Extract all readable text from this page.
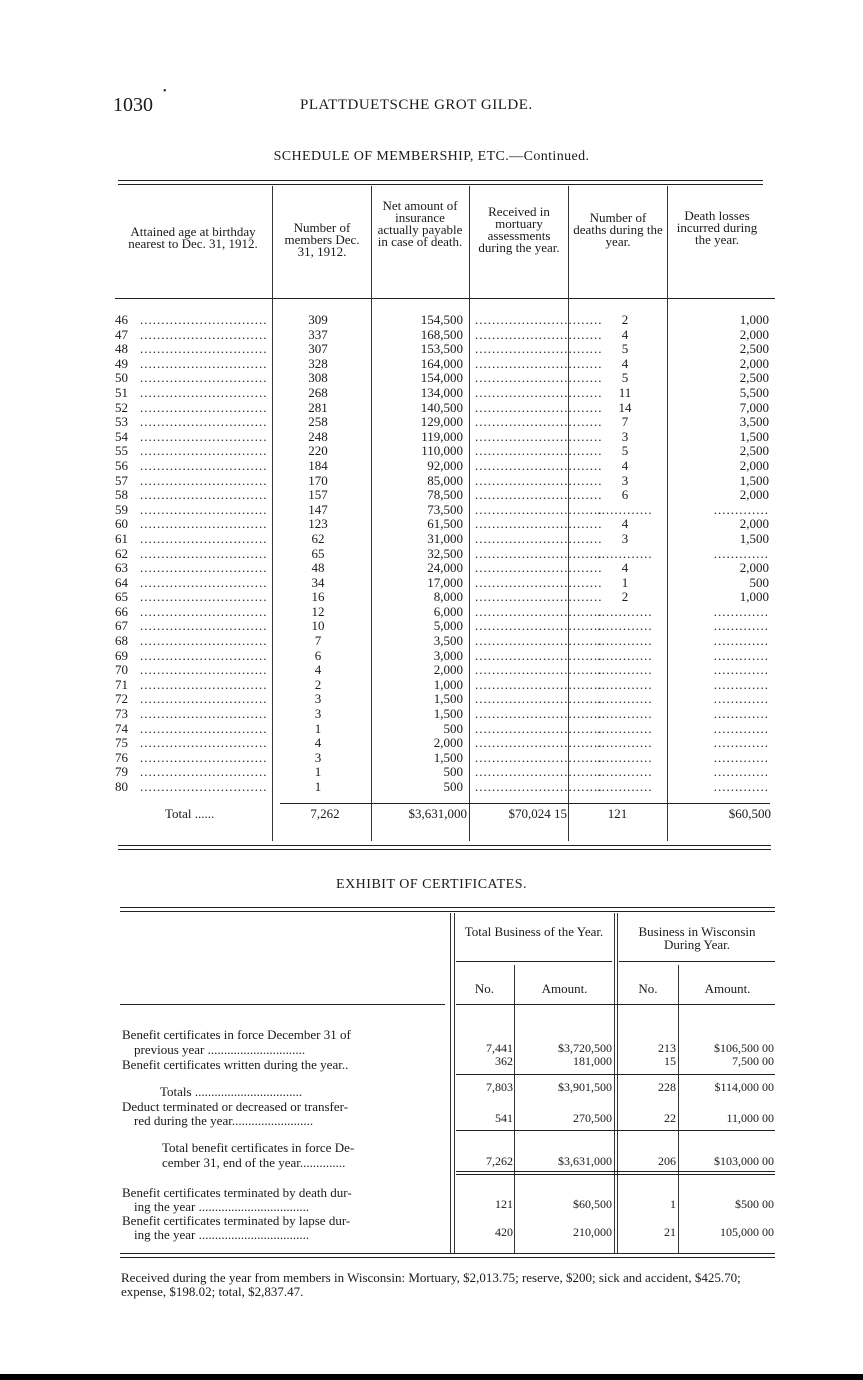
1030
•
PLATTDUETSCHE GROT GILDE.
SCHEDULE OF MEMBERSHIP, ETC.—Continued.
Attained age at birthday nearest to Dec. 31, 1912.
Number of members Dec. 31, 1912.
Net amount of insurance actually payable in case of death.
Received in mortuary assessments during the year.
Number of deaths during the year.
Death losses incurred during the year.
..............................	..............................
46	309	154,500	2	1,000
..............................	..............................
47	337	168,500	4	2,000
..............................	..............................
48	307	153,500	5	2,500
..............................	..............................
49	328	164,000	4	2,000
..............................	..............................
50	308	154,000	5	2,500
..............................	..............................
51	268	134,000	11	5,500
..............................	..............................
52	281	140,500	14	7,000
..............................	..............................
53	258	129,000	7	3,500
..............................	..............................
54	248	119,000	3	1,500
..............................	..............................
55	220	110,000	5	2,500
..............................	..............................
56	184	92,000	4	2,000
..............................	..............................
57	170	85,000	3	1,500
..............................	..............................
58	157	78,500	6	2,000
..............................	..............................
59	147	73,500	.............	.............
..............................	..............................
60	123	61,500	4	2,000
..............................	..............................
61	62	31,000	3	1,500
..............................	..............................
62	65	32,500	.............	.............
..............................	..............................
63	48	24,000	4	2,000
..............................	..............................
64	34	17,000	1	500
..............................	..............................
65	16	8,000	2	1,000
..............................	..............................
66	12	6,000	.............	.............
..............................	..............................
67	10	5,000	.............	.............
..............................	..............................
68	7	3,500	.............	.............
..............................	..............................
69	6	3,000	.............	.............
..............................	..............................
70	4	2,000	.............	.............
..............................	..............................
71	2	1,000	.............	.............
..............................	..............................
72	3	1,500	.............	.............
..............................	..............................
73	3	1,500	.............	.............
..............................	..............................
74	1	500	.............	.............
..............................	..............................
75	4	2,000	.............	.............
..............................	..............................
76	3	1,500	.............	.............
..............................	..............................
79	1	500	.............	.............
..............................	..............................
80	1	500	.............	.............
Total ......	7,262	$3,631,000	$70,024 15	121	$60,500
EXHIBIT OF CERTIFICATES.
Total Business of the Year.	Business in Wisconsin During Year.
No.	Amount.	No.	Amount.
Benefit certificates in force December 31 of
previous year ..............................	7,441	$3,720,500	213	$106,500 00
Benefit certificates written during the year..	362	181,000	15	7,500 00
Totals .................................	7,803	$3,901,500	228	$114,000 00
Deduct terminated or decreased or transfer-
red during the year.........................	541	270,500	22	11,000 00
Total benefit certificates in force De-
cember 31, end of the year..............	7,262	$3,631,000	206	$103,000 00
Benefit certificates terminated by death dur-
ing the year ..................................	121	$60,500	1	$500 00
Benefit certificates terminated by lapse dur-
ing the year ..................................	420	210,000	21	105,000 00
Received during the year from members in Wisconsin: Mortuary, $2,013.75; reserve, $200; sick and accident, $425.70; expense, $198.02; total, $2,837.47.
